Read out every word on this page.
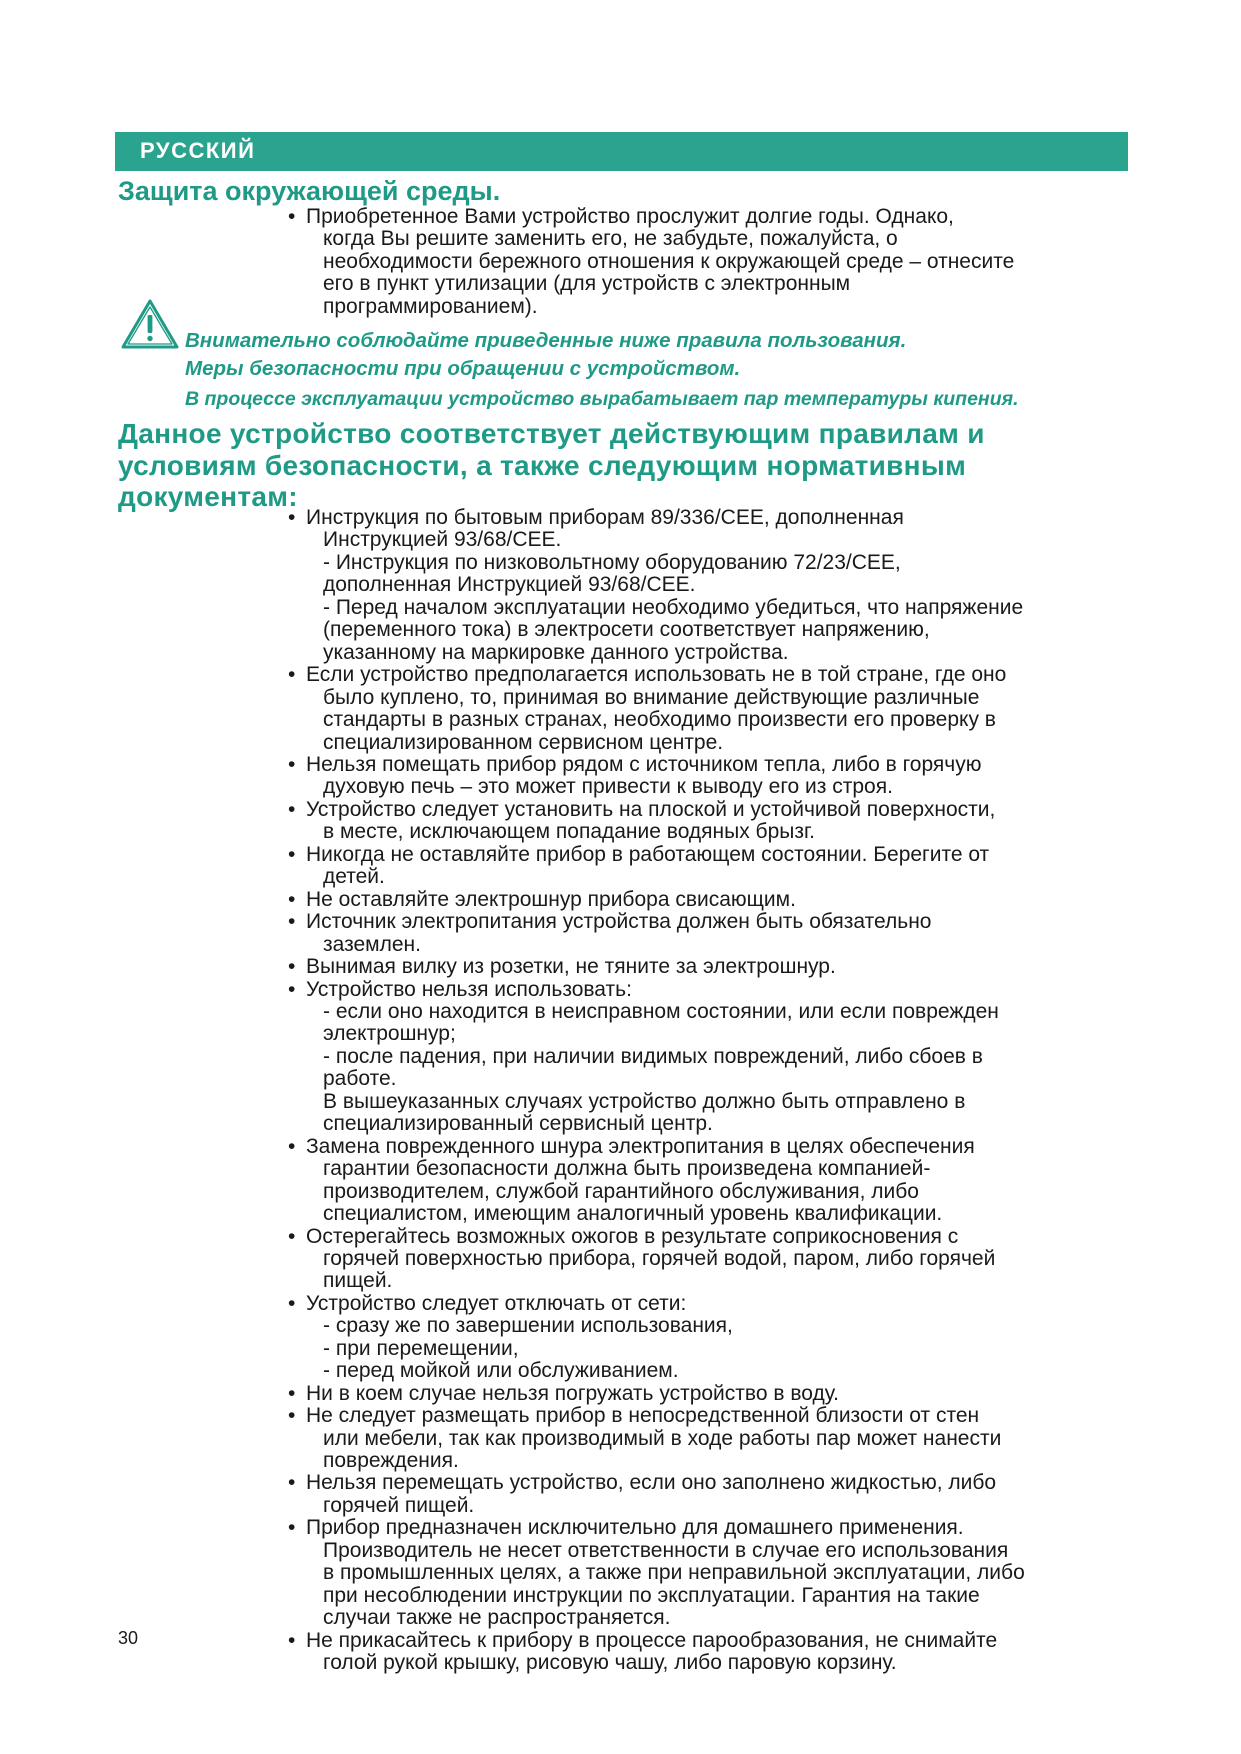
РУССКИЙ
Защита окружающей среды.
• Приобретенное Вами устройство прослужит долгие годы. Однако,
когда Вы решите заменить его, не забудьте, пожалуйста, о
необходимости бережного отношения к окружающей среде – отнесите
его в пункт утилизации (для устройств с электронным
программированием).

Внимательно соблюдайте приведенные ниже правила пользования.

Меры безопасности при обращении с устройством.

В процессе эксплуатации устройство вырабатывает пар температуры кипения.

Данное устройство соответствует действующим правилам и
условиям безопасности, а также следующим нормативным
документам:
• Инструкция по бытовым приборам 89/336/CEE, дополненная
Инструкцией 93/68/CEE.
- Инструкция по низковольтному оборудованию 72/23/CEE,
дополненная Инструкцией 93/68/CEE.
- Перед началом эксплуатации необходимо убедиться, что напряжение
(переменного тока) в электросети соответствует напряжению,
указанному на маркировке данного устройства.
• Если устройство предполагается использовать не в той стране, где оно
было куплено, то, принимая во внимание действующие различные
стандарты в разных странах, необходимо произвести его проверку в
специализированном сервисном центре.
• Нельзя помещать прибор рядом с источником тепла, либо в горячую
духовую печь – это может привести к выводу его из строя.
• Устройство следует установить на плоской и устойчивой поверхности,
в месте, исключающем попадание водяных брызг.
• Никогда не оставляйте прибор в работающем состоянии. Берегите от
детей.
• Не оставляйте электрошнур прибора свисающим.
• Источник электропитания устройства должен быть обязательно
заземлен.
• Вынимая вилку из розетки, не тяните за электрошнур.
• Устройство нельзя использовать:
- если оно находится в неисправном состоянии, или если поврежден
электрошнур;
- после падения, при наличии видимых повреждений, либо сбоев в
работе.
В вышеуказанных случаях устройство должно быть отправлено в
специализированный сервисный центр.
• Замена поврежденного шнура электропитания в целях обеспечения
гарантии безопасности должна быть произведена компанией-
производителем, службой гарантийного обслуживания, либо
специалистом, имеющим аналогичный уровень квалификации.
• Остерегайтесь возможных ожогов в результате соприкосновения с
горячей поверхностью прибора, горячей водой, паром, либо горячей
пищей.
• Устройство следует отключать от сети:
- сразу же по завершении использования,
- при перемещении,
- перед мойкой или обслуживанием.
• Ни в коем случае нельзя погружать устройство в воду.
• Не следует размещать прибор в непосредственной близости от стен
или мебели, так как производимый в ходе работы пар может нанести
повреждения.
• Нельзя перемещать устройство, если оно заполнено жидкостью, либо
горячей пищей.
• Прибор предназначен исключительно для домашнего применения.
Производитель не несет ответственности в случае его использования
в промышленных целях, а также при неправильной эксплуатации, либо
при несоблюдении инструкции по эксплуатации. Гарантия на такие
случаи также не распространяется.
• Не прикасайтесь к прибору в процессе парообразования, не снимайте
голой рукой крышку, рисовую чашу, либо паровую корзину.
30
